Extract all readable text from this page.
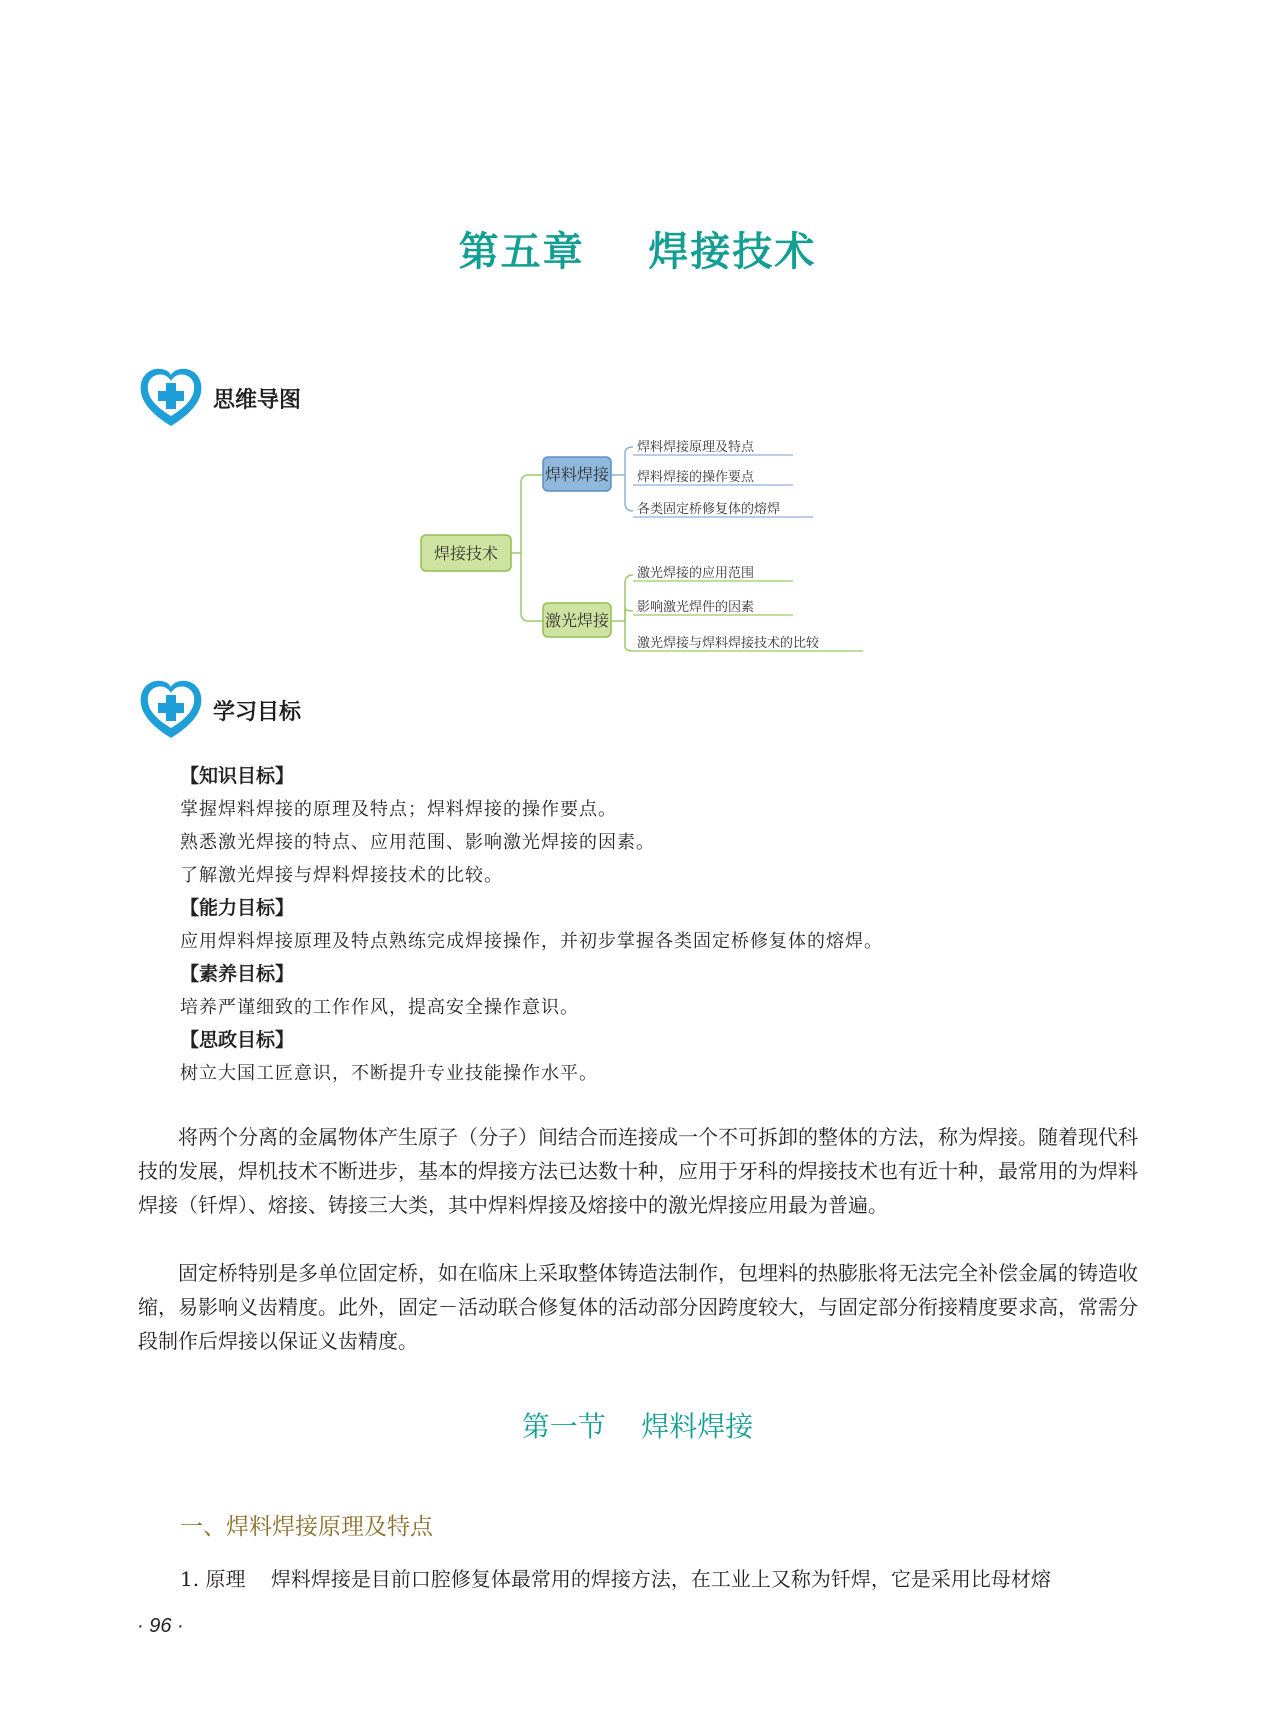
第五章    焊接技术
思维导图
焊接技术
焊料焊接
激光焊接
焊料焊接原理及特点
焊料焊接的操作要点
各类固定桥修复体的熔焊
激光焊接的应用范围
影响激光焊件的因素
激光焊接与焊料焊接技术的比较
学习目标
【知识目标】
掌握焊料焊接的原理及特点；焊料焊接的操作要点。
熟悉激光焊接的特点、应用范围、影响激光焊接的因素。
了解激光焊接与焊料焊接技术的比较。
【能力目标】
应用焊料焊接原理及特点熟练完成焊接操作，并初步掌握各类固定桥修复体的熔焊。
【素养目标】
培养严谨细致的工作作风，提高安全操作意识。
【思政目标】
树立大国工匠意识，不断提升专业技能操作水平。

将两个分离的金属物体产生原子（分子）间结合而连接成一个不可拆卸的整体的方法，称为焊接。随着现代科技的发展，焊机技术不断进步，基本的焊接方法已达数十种，应用于牙科的焊接技术也有近十种，最常用的为焊料焊接（钎焊）、熔接、铸接三大类，其中焊料焊接及熔接中的激光焊接应用最为普遍。

固定桥特别是多单位固定桥，如在临床上采取整体铸造法制作，包埋料的热膨胀将无法完全补偿金属的铸造收缩，易影响义齿精度。此外，固定－活动联合修复体的活动部分因跨度较大，与固定部分衔接精度要求高，常需分段制作后焊接以保证义齿精度。

第一节    焊料焊接
一、焊料焊接原理及特点
1. 原理    焊料焊接是目前口腔修复体最常用的焊接方法，在工业上又称为钎焊，它是采用比母材熔
· 96 ·
